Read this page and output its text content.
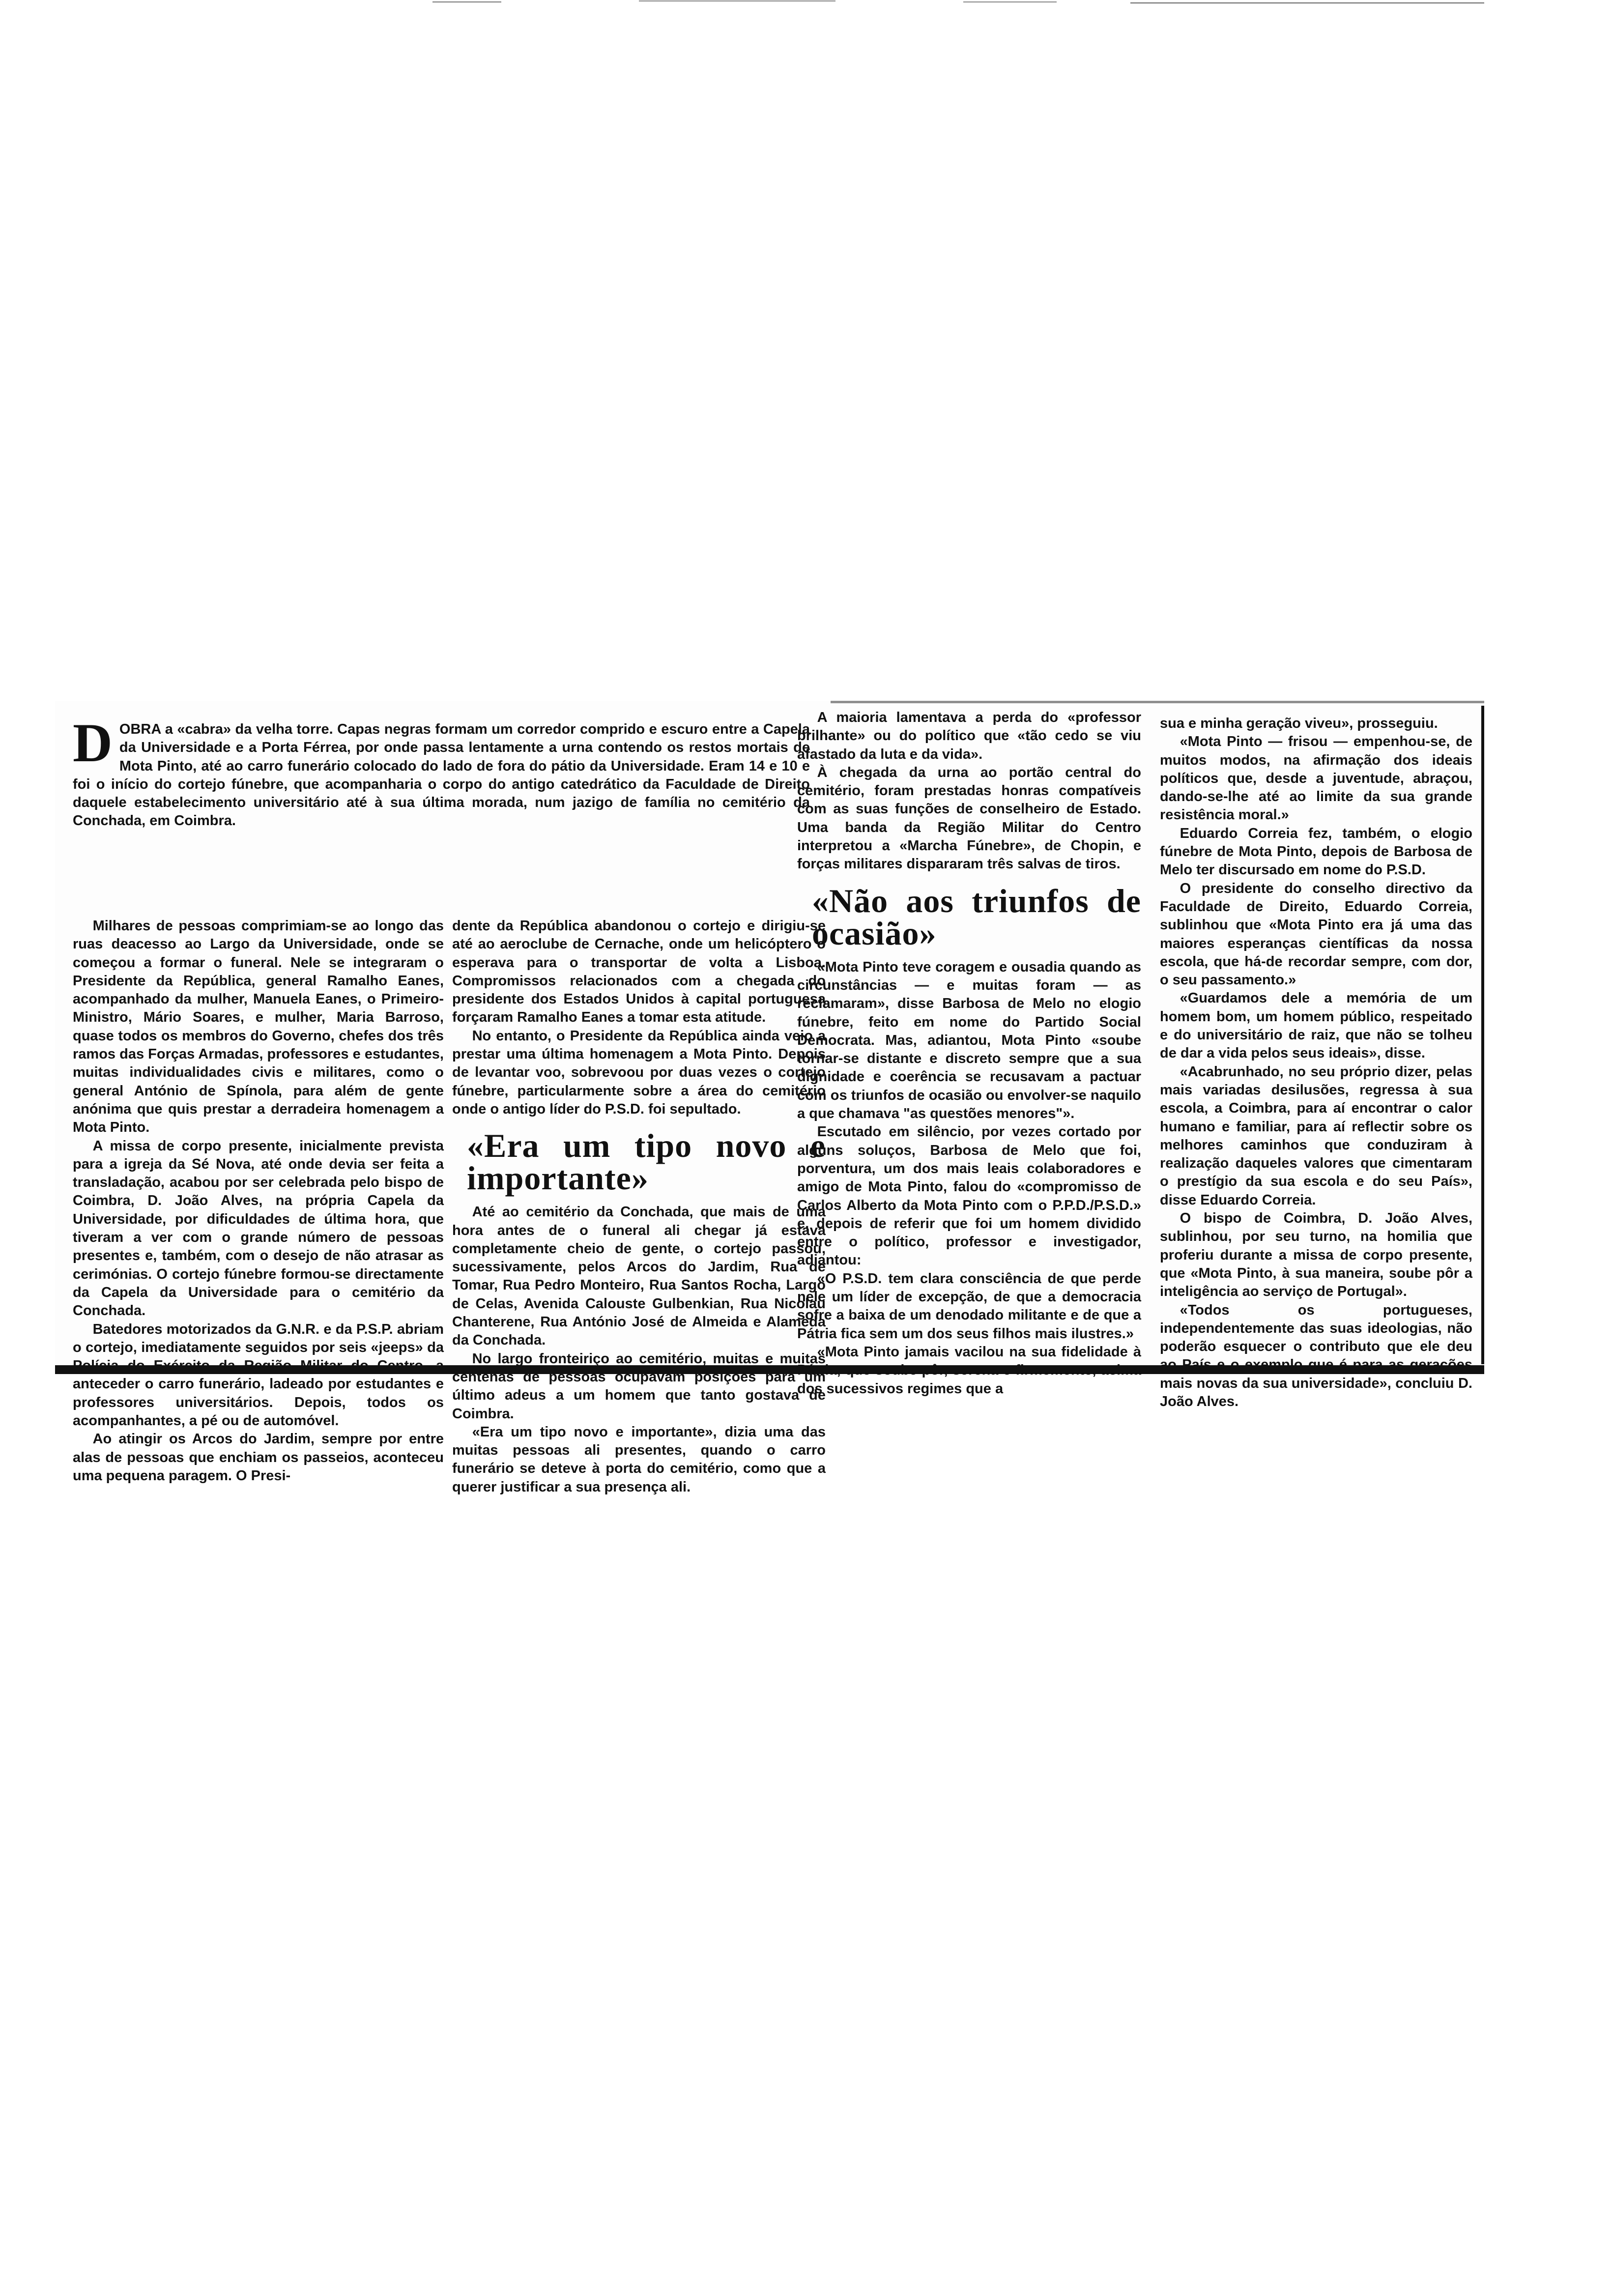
D OBRA a «cabra» da velha torre. Capas negras formam um corredor comprido e escuro entre a Capela da Universidade e a Porta Férrea, por onde passa lentamente a urna contendo os restos mortais de Mota Pinto, até ao carro funerário colocado do lado de fora do pátio da Universidade. Eram 14 e 10 e foi o início do cortejo fúnebre, que acompanharia o corpo do antigo catedrático da Faculdade de Direito daquele estabelecimento universitário até à sua última morada, num jazigo de família no cemitério da Conchada, em Coimbra.

Milhares de pessoas comprimiam-se ao longo das ruas deacesso ao Largo da Universidade, onde se começou a formar o funeral. Nele se integraram o Presidente da República, general Ramalho Eanes, acompanhado da mulher, Manuela Eanes, o Primeiro-Ministro, Mário Soares, e mulher, Maria Barroso, quase todos os membros do Governo, chefes dos três ramos das Forças Armadas, professores e estudantes, muitas individualidades civis e militares, como o general António de Spínola, para além de gente anónima que quis prestar a derradeira homenagem a Mota Pinto.

A missa de corpo presente, inicialmente prevista para a igreja da Sé Nova, até onde devia ser feita a transladação, acabou por ser celebrada pelo bispo de Coimbra, D. João Alves, na própria Capela da Universidade, por dificuldades de última hora, que tiveram a ver com o grande número de pessoas presentes e, também, com o desejo de não atrasar as cerimónias. O cortejo fúnebre formou-se directamente da Capela da Universidade para o cemitério da Conchada.

Batedores motorizados da G.N.R. e da P.S.P. abriam o cortejo, imediatamente seguidos por seis «jeeps» da Polícia do Exército da Região Militar do Centro, a anteceder o carro funerário, ladeado por estudantes e professores universitários. Depois, todos os acompanhantes, a pé ou de automóvel.

Ao atingir os Arcos do Jardim, sempre por entre alas de pessoas que enchiam os passeios, aconteceu uma pequena paragem. O Presi-

dente da República abandonou o cortejo e dirigiu-se até ao aeroclube de Cernache, onde um helicóptero o esperava para o transportar de volta a Lisboa. Compromissos relacionados com a chegada do presidente dos Estados Unidos à capital portuguesa forçaram Ramalho Eanes a tomar esta atitude.

No entanto, o Presidente da República ainda veio a prestar uma última homenagem a Mota Pinto. Depois de levantar voo, sobrevoou por duas vezes o cortejo fúnebre, particularmente sobre a área do cemitério onde o antigo líder do P.S.D. foi sepultado.

«Era um tipo novo e importante»

Até ao cemitério da Conchada, que mais de uma hora antes de o funeral ali chegar já estava completamente cheio de gente, o cortejo passou, sucessivamente, pelos Arcos do Jardim, Rua de Tomar, Rua Pedro Monteiro, Rua Santos Rocha, Largo de Celas, Avenida Calouste Gulbenkian, Rua Nicolau Chanterene, Rua António José de Almeida e Alameda da Conchada.

No largo fronteiriço ao cemitério, muitas e muitas centenas de pessoas ocupavam posições para um último adeus a um homem que tanto gostava de Coimbra.

«Era um tipo novo e importante», dizia uma das muitas pessoas ali presentes, quando o carro funerário se deteve à porta do cemitério, como que a querer justificar a sua presença ali.

A maioria lamentava a perda do «professor brilhante» ou do político que «tão cedo se viu afastado da luta e da vida».

À chegada da urna ao portão central do cemitério, foram prestadas honras compatíveis com as suas funções de conselheiro de Estado. Uma banda da Região Militar do Centro interpretou a «Marcha Fúnebre», de Chopin, e forças militares dispararam três salvas de tiros.

«Não aos triunfos de ocasião»

«Mota Pinto teve coragem e ousadia quando as circunstâncias — e muitas foram — as reclamaram», disse Barbosa de Melo no elogio fúnebre, feito em nome do Partido Social Democrata. Mas, adiantou, Mota Pinto «soube tornar-se distante e discreto sempre que a sua dignidade e coerência se recusavam a pactuar com os triunfos de ocasião ou envolver-se naquilo a que chamava "as questões menores"».

Escutado em silêncio, por vezes cortado por alguns soluços, Barbosa de Melo que foi, porventura, um dos mais leais colaboradores e amigo de Mota Pinto, falou do «compromisso de Carlos Alberto da Mota Pinto com o P.P.D./P.S.D.» e, depois de referir que foi um homem dividido entre o político, professor e investigador, adiantou:

«O P.S.D. tem clara consciência de que perde nele um líder de excepção, de que a democracia sofre a baixa de um denodado militante e de que a Pátria fica sem um dos seus filhos mais ilustres.»

«Mota Pinto jamais vacilou na sua fidelidade à Pátria, que soube pôr, serena e firmemente, acima dos sucessivos regimes que a

sua e minha geração viveu», prosseguiu.

«Mota Pinto — frisou — empenhou-se, de muitos modos, na afirmação dos ideais políticos que, desde a juventude, abraçou, dando-se-lhe até ao limite da sua grande resistência moral.»

Eduardo Correia fez, também, o elogio fúnebre de Mota Pinto, depois de Barbosa de Melo ter discursado em nome do P.S.D.

O presidente do conselho directivo da Faculdade de Direito, Eduardo Correia, sublinhou que «Mota Pinto era já uma das maiores esperanças científicas da nossa escola, que há-de recordar sempre, com dor, o seu passamento.»

«Guardamos dele a memória de um homem bom, um homem público, respeitado e do universitário de raiz, que não se tolheu de dar a vida pelos seus ideais», disse.

«Acabrunhado, no seu próprio dizer, pelas mais variadas desilusões, regressa à sua escola, a Coimbra, para aí encontrar o calor humano e familiar, para aí reflectir sobre os melhores caminhos que conduziram à realização daqueles valores que cimentaram o prestígio da sua escola e do seu País», disse Eduardo Correia.

O bispo de Coimbra, D. João Alves, sublinhou, por seu turno, na homilia que proferiu durante a missa de corpo presente, que «Mota Pinto, à sua maneira, soube pôr a inteligência ao serviço de Portugal».

«Todos os portugueses, independentemente das suas ideologias, não poderão esquecer o contributo que ele deu ao País e o exemplo que é para as gerações mais novas da sua universidade», concluiu D. João Alves.
